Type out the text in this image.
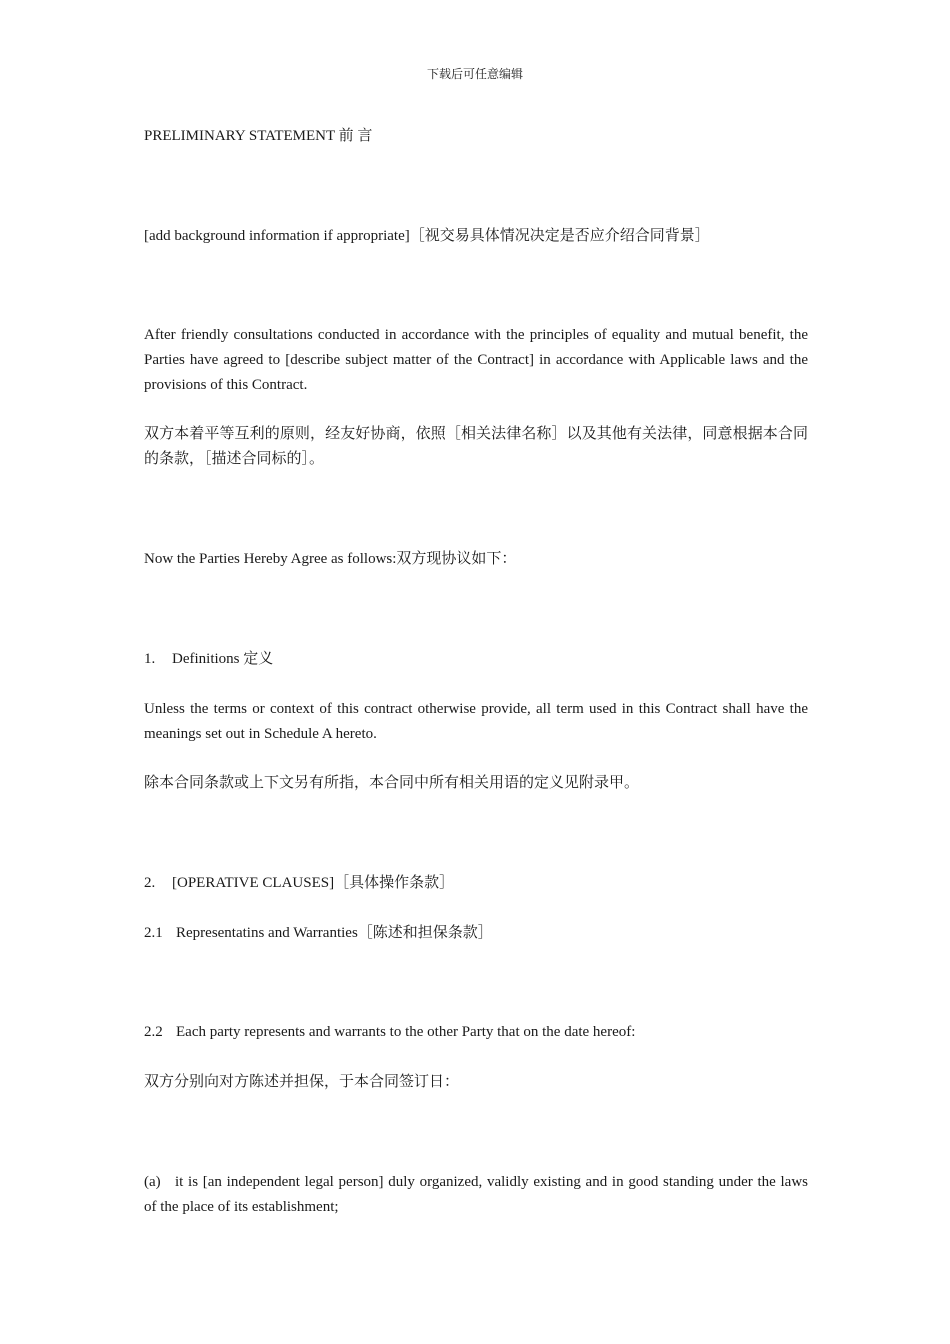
下载后可任意编辑

PRELIMINARY STATEMENT 前 言

[add background information if appropriate]［视交易具体情况决定是否应介绍合同背景］

After friendly consultations conducted in accordance with the principles of equality and mutual benefit, the Parties have agreed to [describe subject matter of the Contract] in accordance with Applicable laws and the provisions of this Contract.

双方本着平等互利的原则，经友好协商，依照［相关法律名称］以及其他有关法律，同意根据本合同的条款，［描述合同标的］。

Now the Parties Hereby Agree as follows:双方现协议如下：

1. Definitions 定义

Unless the terms or context of this contract otherwise provide, all term used in this Contract shall have the meanings set out in Schedule A hereto.

除本合同条款或上下文另有所指，本合同中所有相关用语的定义见附录甲。

2. [OPERATIVE CLAUSES]［具体操作条款］

2.1 Representatins and Warranties［陈述和担保条款］

2.2 Each party represents and warrants to the other Party that on the date hereof:

双方分别向对方陈述并担保，于本合同签订日：

(a) it is [an independent legal person] duly organized, validly existing and in good standing under the laws of the place of its establishment;
